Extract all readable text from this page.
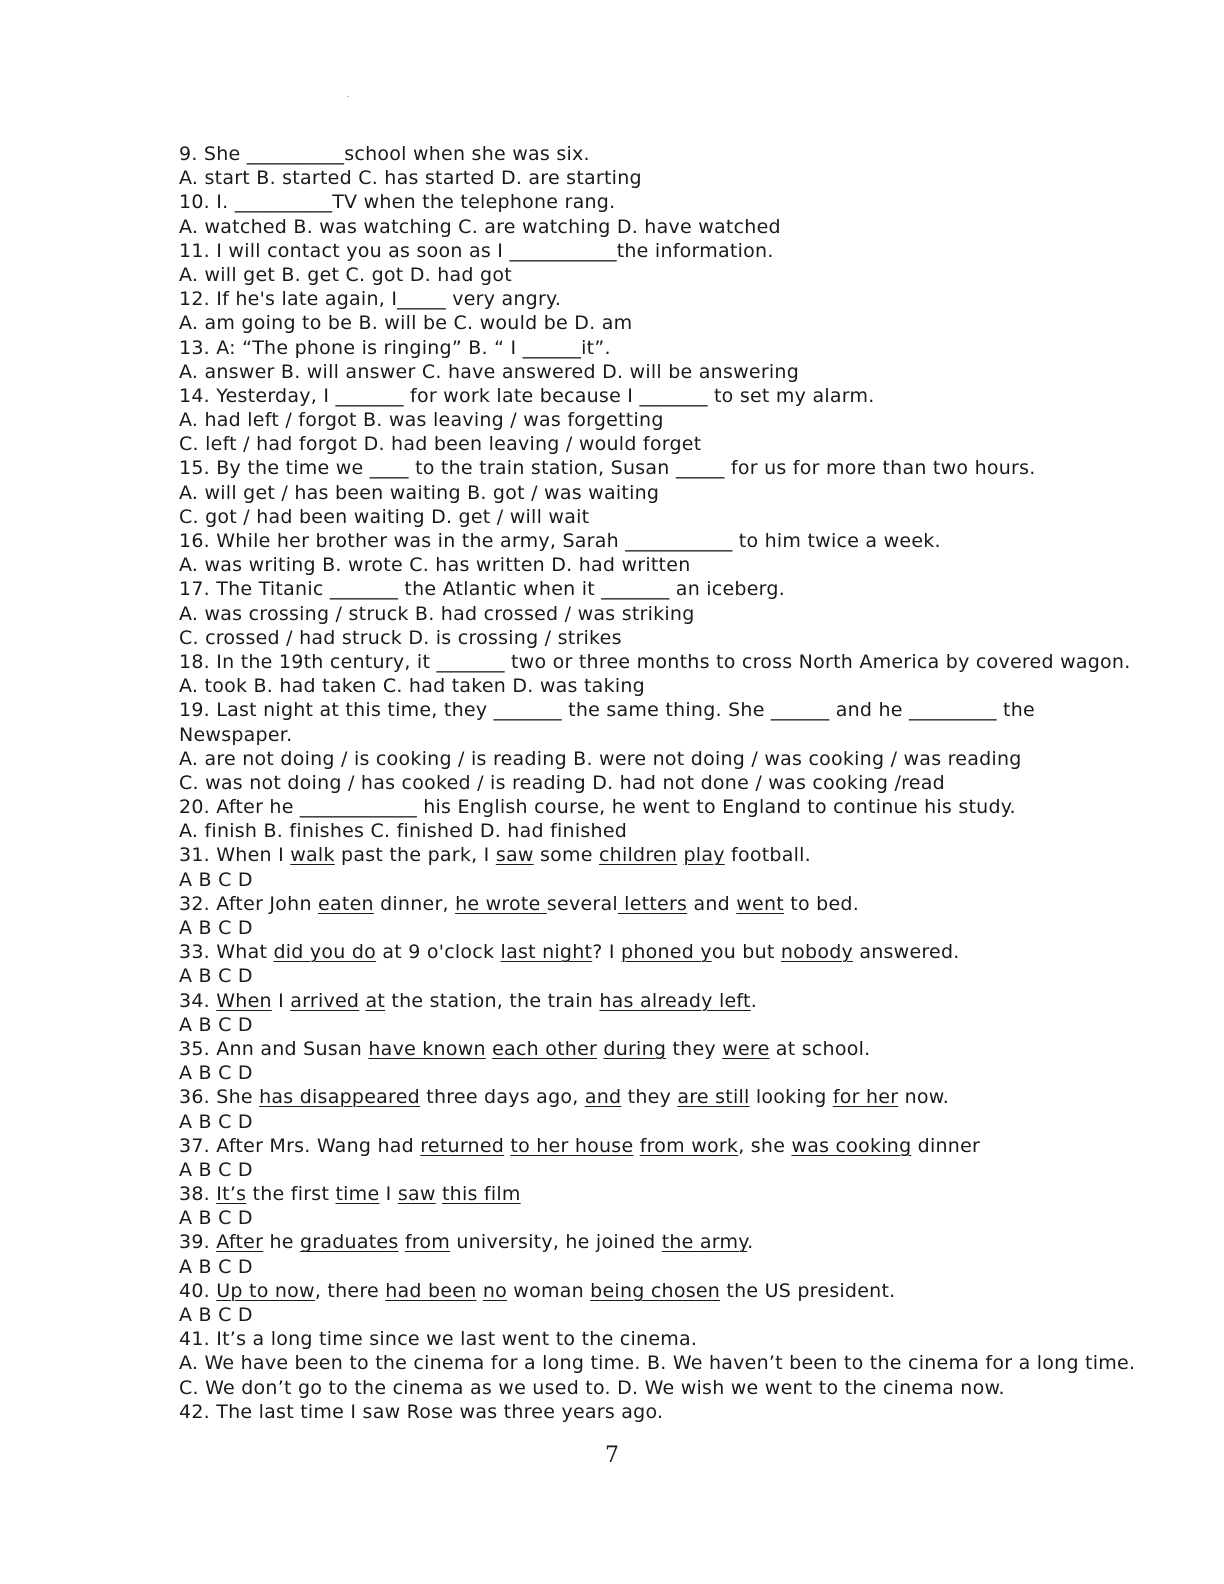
9. She __________school when she was six.
A. start B. started C. has started D. are starting
10. I. __________TV when the telephone rang.
A. watched B. was watching C. are watching D. have watched
11. I will contact you as soon as I ___________the information.
A. will get B. get C. got D. had got
12. If he's late again, I_____ very angry.
A. am going to be B. will be C. would be D. am
13. A: “The phone is ringing” B. “ I ______it”.
A. answer B. will answer C. have answered D. will be answering
14. Yesterday, I _______ for work late because I _______ to set my alarm.
A. had left / forgot B. was leaving / was forgetting
C. left / had forgot D. had been leaving / would forget
15. By the time we ____ to the train station, Susan _____ for us for more than two hours.
A. will get / has been waiting B. got / was waiting
C. got / had been waiting D. get / will wait
16. While her brother was in the army, Sarah ___________ to him twice a week.
A. was writing B. wrote C. has written D. had written
17. The Titanic _______ the Atlantic when it _______ an iceberg.
A. was crossing / struck B. had crossed / was striking
C. crossed / had struck D. is crossing / strikes
18. In the 19th century, it _______ two or three months to cross North America by covered wagon.
A. took B. had taken C. had taken D. was taking
19. Last night at this time, they _______ the same thing. She ______ and he _________ the
Newspaper.
A. are not doing / is cooking / is reading B. were not doing / was cooking / was reading
C. was not doing / has cooked / is reading D. had not done / was cooking /read
20. After he ____________ his English course, he went to England to continue his study.
A. finish B. finishes C. finished D. had finished
31. When I walk past the park, I saw some children play football.
A B C D
32. After John eaten dinner, he wrote several letters and went to bed.
A B C D
33. What did you do at 9 o'clock last night? I phoned you but nobody answered.
A B C D
34. When I arrived at the station, the train has already left.
A B C D
35. Ann and Susan have known each other during they were at school.
A B C D
36. She has disappeared three days ago, and they are still looking for her now.
A B C D
37. After Mrs. Wang had returned to her house from work, she was cooking dinner
A B C D
38. It’s the first time I saw this film
A B C D
39. After he graduates from university, he joined the army.
A B C D
40. Up to now, there had been no woman being chosen the US president.
A B C D
41. It’s a long time since we last went to the cinema.
A. We have been to the cinema for a long time. B. We haven’t been to the cinema for a long time.
C. We don’t go to the cinema as we used to. D. We wish we went to the cinema now.
42. The last time I saw Rose was three years ago.
7
